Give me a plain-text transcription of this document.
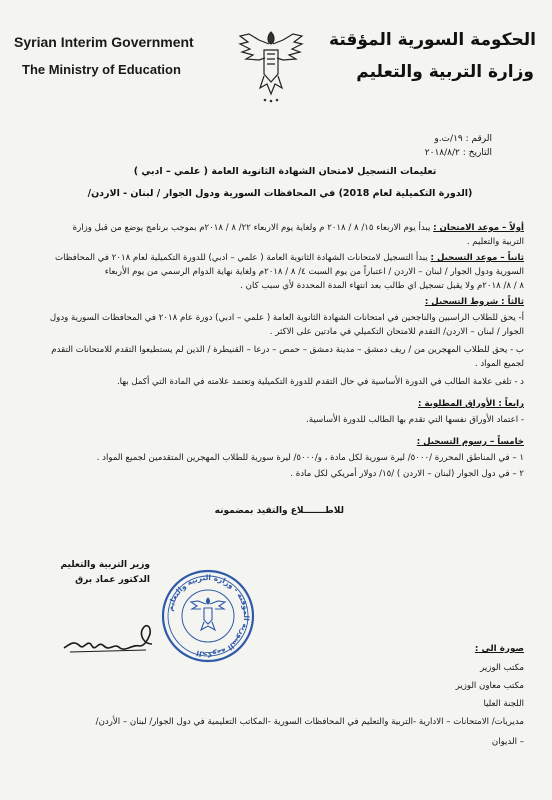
Syrian Interim Government
The Ministry of Education
الحكومة السورية المؤقتة
وزارة التربية والتعليم
الرقم : ١٩/ت.و
التاريخ : ٢٠١٨/٨/٢
تعليمات التسجيل لامتحان الشهادة الثانوية العامة ( علمي – ادبي )
(الدورة التكميلية لعام 2018) في المحافظات السورية ودول الجوار / لبنان - الاردن/
أولاً – موعد الامتحان : يبدأ يوم الاربعاء ١٥/ ٨ / ٢٠١٨ م ولغاية يوم الاربعاء ٢٢/ ٨ / ٢٠١٨م بموجب برنامج يوضع من قبل وزارة
التربية والتعليم .
ثانياً – موعد التسجيل : يبدأ التسجيل لامتحانات الشهادة الثانوية العامة ( علمي – ادبي) للدورة التكميلية لعام ٢٠١٨ في المحافظات
السورية ودول الجوار / لبنان – الاردن / اعتباراً من يوم السبت ٤/ ٨ / ٢٠١٨م ولغاية نهاية الدوام الرسمي من يوم الأربعاء
٨ / ٨/ ٢٠١٨م ولا يقبل تسجيل اي طالب بعد انتهاء المدة المحددة لأي سبب كان .
ثالثاً : شروط التسجيل :
أ- يحق للطلاب الراسبين والناجحين في امتحانات الشهادة الثانوية العامة ( علمي – ادبي) دورة عام ٢٠١٨ في المحافظات السورية ودول
الجوار / لبنان – الاردن/ التقدم للامتحان التكميلي في مادتين على الاكثر .
ب - يحق للطلاب المهجرين من / ريف دمشق – مدينة دمشق – حمص – درعا – القنيطرة / الذين لم يستطيعوا التقدم للامتحانات التقدم
لجميع المواد .
د - تلغى علامة الطالب في الدورة الأساسية في حال التقدم للدورة التكميلية وتعتمد علامته في المادة التي أكمل بها.
رابعاً : الأوراق المطلوبة :
- اعتماد الأوراق نفسها التي تقدم بها الطالب للدورة الأساسية.
خامساً – رسوم التسجيل :
١ – في المناطق المحررة /٥٠٠٠/ ليرة سورية لكل مادة ، و/٥٠٠٠/ ليرة سورية للطلاب المهجرين المتقدمين لجميع المواد .
٢ – في دول الجوار (لبنان – الاردن ) /١٥/ دولار أمريكي لكل مادة .
للاطـــــــلاع والتقيد بمضمونه
وزير التربية والتعليم
الدكتور عماد برق
الحكومة السورية المؤقتة - وزارة التربية والتعليم	صورة الى :
مكتب الوزير
مكتب معاون الوزير
اللجنة العليا
مديريات/ الامتحانات – الادارية -التربية والتعليم في المحافظات السورية -المكاتب التعليمية في دول الجوار/ لبنان – الأردن/
– الديوان
